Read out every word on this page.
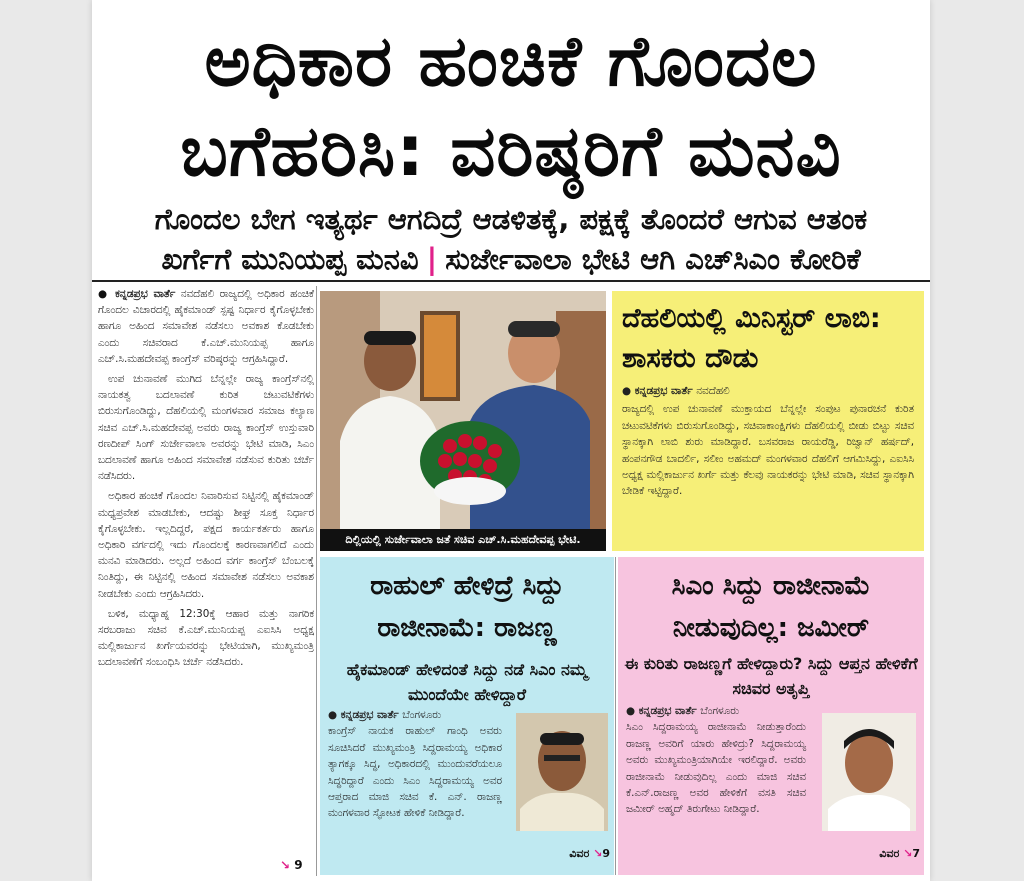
ಅಧಿಕಾರ ಹಂಚಿಕೆ ಗೊಂದಲ
ಬಗೆಹರಿಸಿ: ವರಿಷ್ಠರಿಗೆ ಮನವಿ
ಗೊಂದಲ ಬೇಗ ಇತ್ಯರ್ಥ ಆಗದಿದ್ರೆ ಆಡಳಿತಕ್ಕೆ, ಪಕ್ಷಕ್ಕೆ ತೊಂದರೆ ಆಗುವ ಆತಂಕ
ಖರ್ಗೆಗೆ ಮುನಿಯಪ್ಪ ಮನವಿ | ಸುರ್ಜೇವಾಲಾ ಭೇಟಿ ಆಗಿ ಎಚ್‌ಸಿಎಂ ಕೋರಿಕೆ

● ಕನ್ನಡಪ್ರಭ ವಾರ್ತೆ ನವದೆಹಲಿ ರಾಜ್ಯದಲ್ಲಿ ಅಧಿಕಾರ ಹಂಚಿಕೆ ಗೊಂದಲ ವಿಚಾರದಲ್ಲಿ ಹೈಕಮಾಂಡ್ ಸ್ಪಷ್ಟ ನಿರ್ಧಾರ ಕೈಗೊಳ್ಳಬೇಕು ಹಾಗೂ ಅಹಿಂದ ಸಮಾವೇಶ ನಡೆಸಲು ಅವಕಾಶ ಕೊಡಬೇಕು ಎಂದು ಸಚಿವರಾದ ಕೆ.ಎಚ್.ಮುನಿಯಪ್ಪ ಹಾಗೂ ಎಚ್.ಸಿ.ಮಹದೇವಪ್ಪ ಕಾಂಗ್ರೆಸ್ ವರಿಷ್ಠರನ್ನು ಆಗ್ರಹಿಸಿದ್ದಾರೆ.

ಉಪ ಚುನಾವಣೆ ಮುಗಿದ ಬೆನ್ನಲ್ಲೇ ರಾಜ್ಯ ಕಾಂಗ್ರೆಸ್‌ನಲ್ಲಿ ನಾಯಕತ್ವ ಬದಲಾವಣೆ ಕುರಿತ ಚಟುವಟಿಕೆಗಳು ಬಿರುಸುಗೊಂಡಿದ್ದು, ದೆಹಲಿಯಲ್ಲಿ ಮಂಗಳವಾರ ಸಮಾಜ ಕಲ್ಯಾಣ ಸಚಿವ ಎಚ್.ಸಿ.ಮಹದೇವಪ್ಪ ಅವರು ರಾಜ್ಯ ಕಾಂಗ್ರೆಸ್ ಉಸ್ತುವಾರಿ ರಣದೀಪ್ ಸಿಂಗ್ ಸುರ್ಜೇವಾಲಾ ಅವರನ್ನು ಭೇಟಿ ಮಾಡಿ, ಸಿಎಂ ಬದಲಾವಣೆ ಹಾಗೂ ಅಹಿಂದ ಸಮಾವೇಶ ನಡೆಸುವ ಕುರಿತು ಚರ್ಚೆ ನಡೆಸಿದರು.

ಅಧಿಕಾರ ಹಂಚಿಕೆ ಗೊಂದಲ ನಿವಾರಿಸುವ ನಿಟ್ಟಿನಲ್ಲಿ ಹೈಕಮಾಂಡ್ ಮಧ್ಯಪ್ರವೇಶ ಮಾಡಬೇಕು, ಆದಷ್ಟು ಶೀಘ್ರ ಸೂಕ್ತ ನಿರ್ಧಾರ ಕೈಗೊಳ್ಳಬೇಕು. ಇಲ್ಲದಿದ್ದರೆ, ಪಕ್ಷದ ಕಾರ್ಯಕರ್ತರು ಹಾಗೂ ಅಧಿಕಾರಿ ವರ್ಗದಲ್ಲಿ ಇದು ಗೊಂದಲಕ್ಕೆ ಕಾರಣವಾಗಲಿದೆ ಎಂದು ಮನವಿ ಮಾಡಿದರು. ಅಲ್ಲದೆ ಅಹಿಂದ ವರ್ಗ ಕಾಂಗ್ರೆಸ್ ಬೆಂಬಲಕ್ಕೆ ನಿಂತಿದ್ದು, ಈ ನಿಟ್ಟಿನಲ್ಲಿ ಅಹಿಂದ ಸಮಾವೇಶ ನಡೆಸಲು ಅವಕಾಶ ನೀಡಬೇಕು ಎಂದು ಆಗ್ರಹಿಸಿದರು.

ಬಳಿಕ, ಮಧ್ಯಾಹ್ನ 12:30ಕ್ಕೆ ಆಹಾರ ಮತ್ತು ನಾಗರಿಕ ಸರಬರಾಜು ಸಚಿವ ಕೆ.ಎಚ್.ಮುನಿಯಪ್ಪ ಎಐಸಿಸಿ ಅಧ್ಯಕ್ಷ ಮಲ್ಲಿಕಾರ್ಜುನ ಖರ್ಗೆಯವರನ್ನು ಭೇಟಿಯಾಗಿ, ಮುಖ್ಯಮಂತ್ರಿ ಬದಲಾವಣೆಗೆ ಸಂಬಂಧಿಸಿ ಚರ್ಚೆ ನಡೆಸಿದರು.

↘ 9
ದಿಲ್ಲಿಯಲ್ಲಿ ಸುರ್ಜೇವಾಲಾ ಜತೆ ಸಚಿವ ಎಚ್.ಸಿ.ಮಹದೇವಪ್ಪ ಭೇಟಿ.
ದೆಹಲಿಯಲ್ಲಿ ಮಿನಿಸ್ಟರ್ ಲಾಬಿ: ಶಾಸಕರು ದೌಡು
● ಕನ್ನಡಪ್ರಭ ವಾರ್ತೆ ನವದೆಹಲಿ
ರಾಜ್ಯದಲ್ಲಿ ಉಪ ಚುನಾವಣೆ ಮುಕ್ತಾಯದ ಬೆನ್ನಲ್ಲೇ ಸಂಪುಟ ಪುನಾರಚನೆ ಕುರಿತ ಚಟುವಟಿಕೆಗಳು ಬಿರುಸುಗೊಂಡಿದ್ದು, ಸಚಿವಾಕಾಂಕ್ಷಿಗಳು ದೆಹಲಿಯಲ್ಲಿ ಬೀಡು ಬಿಟ್ಟು ಸಚಿವ ಸ್ಥಾನಕ್ಕಾಗಿ ಲಾಬಿ ಶುರು ಮಾಡಿದ್ದಾರೆ. ಬಸವರಾಜ ರಾಯರೆಡ್ಡಿ, ರಿಜ್ವಾನ್ ಹರ್ಷದ್, ಹಂಪನಗೌಡ ಬಾದರ್ಲಿ, ಸಲೀಂ ಅಹಮದ್ ಮಂಗಳವಾರ ದೆಹಲಿಗೆ ಆಗಮಿಸಿದ್ದು, ಎಐಸಿಸಿ ಅಧ್ಯಕ್ಷ ಮಲ್ಲಿಕಾರ್ಜುನ ಖರ್ಗೆ ಮತ್ತು ಕೆಲವು ನಾಯಕರನ್ನು ಭೇಟಿ ಮಾಡಿ, ಸಚಿವ ಸ್ಥಾನಕ್ಕಾಗಿ ಬೇಡಿಕೆ ಇಟ್ಟಿದ್ದಾರೆ.
ರಾಹುಲ್ ಹೇಳಿದ್ರೆ ಸಿದ್ದು ರಾಜೀನಾಮೆ: ರಾಜಣ್ಣ
ಹೈಕಮಾಂಡ್ ಹೇಳಿದಂತೆ ಸಿದ್ದು ನಡೆ ಸಿಎಂ ನಮ್ಮ ಮುಂದೆಯೇ ಹೇಳಿದ್ದಾರೆ
● ಕನ್ನಡಪ್ರಭ ವಾರ್ತೆ ಬೆಂಗಳೂರು
ಕಾಂಗ್ರೆಸ್ ನಾಯಕ ರಾಹುಲ್ ಗಾಂಧಿ ಅವರು ಸೂಚಿಸಿದರೆ ಮುಖ್ಯಮಂತ್ರಿ ಸಿದ್ದರಾಮಯ್ಯ ಅಧಿಕಾರ ತ್ಯಾಗಕ್ಕೂ ಸಿದ್ಧ, ಅಧಿಕಾರದಲ್ಲಿ ಮುಂದುವರೆಯಲೂ ಸಿದ್ಧರಿದ್ದಾರೆ ಎಂದು ಸಿಎಂ ಸಿದ್ದರಾಮಯ್ಯ ಅವರ ಆಪ್ತರಾದ ಮಾಜಿ ಸಚಿವ ಕೆ. ಎನ್. ರಾಜಣ್ಣ ಮಂಗಳವಾರ ಸ್ಫೋಟಕ ಹೇಳಿಕೆ ನೀಡಿದ್ದಾರೆ.
ವಿವರ ↘9
ಸಿಎಂ ಸಿದ್ದು ರಾಜೀನಾಮೆ ನೀಡುವುದಿಲ್ಲ: ಜಮೀರ್
ಈ ಕುರಿತು ರಾಜಣ್ಣಗೆ ಹೇಳಿದ್ದಾರು? ಸಿದ್ದು ಆಪ್ತನ ಹೇಳಿಕೆಗೆ ಸಚಿವರ ಅತೃಪ್ತಿ
● ಕನ್ನಡಪ್ರಭ ವಾರ್ತೆ ಬೆಂಗಳೂರು
ಸಿಎಂ ಸಿದ್ದರಾಮಯ್ಯ ರಾಜೀನಾಮೆ ನೀಡುತ್ತಾರೆಂದು ರಾಜಣ್ಣ ಅವರಿಗೆ ಯಾರು ಹೇಳಿದ್ರು? ಸಿದ್ದರಾಮಯ್ಯ ಅವರು ಮುಖ್ಯಮಂತ್ರಿಯಾಗಿಯೇ ಇರಲಿದ್ದಾರೆ. ಅವರು ರಾಜೀನಾಮೆ ನೀಡುವುದಿಲ್ಲ ಎಂದು ಮಾಜಿ ಸಚಿವ ಕೆ.ಎನ್.ರಾಜಣ್ಣ ಅವರ ಹೇಳಿಕೆಗೆ ವಸತಿ ಸಚಿವ ಜಮೀರ್ ಅಹ್ಮದ್ ತಿರುಗೇಟು ನೀಡಿದ್ದಾರೆ.
ವಿವರ ↘7
